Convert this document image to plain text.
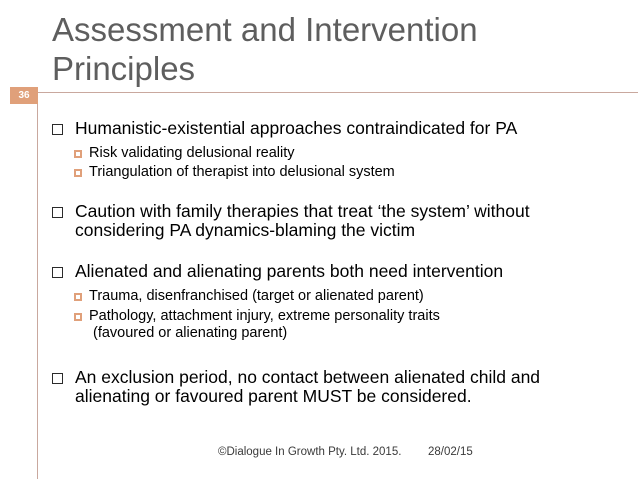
Assessment and Intervention
Principles
36
Humanistic-existential approaches contraindicated for PA
Risk validating delusional reality
Triangulation of therapist into delusional system
Caution with family therapies that treat ‘the system’ without
considering PA dynamics-blaming the victim
Alienated and alienating parents both need intervention
Trauma, disenfranchised (target or alienated parent)
Pathology, attachment injury, extreme personality traits
(favoured or alienating parent)
An exclusion period, no contact between alienated child and
alienating or favoured parent MUST be considered.
©Dialogue In Growth Pty. Ltd. 2015. 28/02/15
